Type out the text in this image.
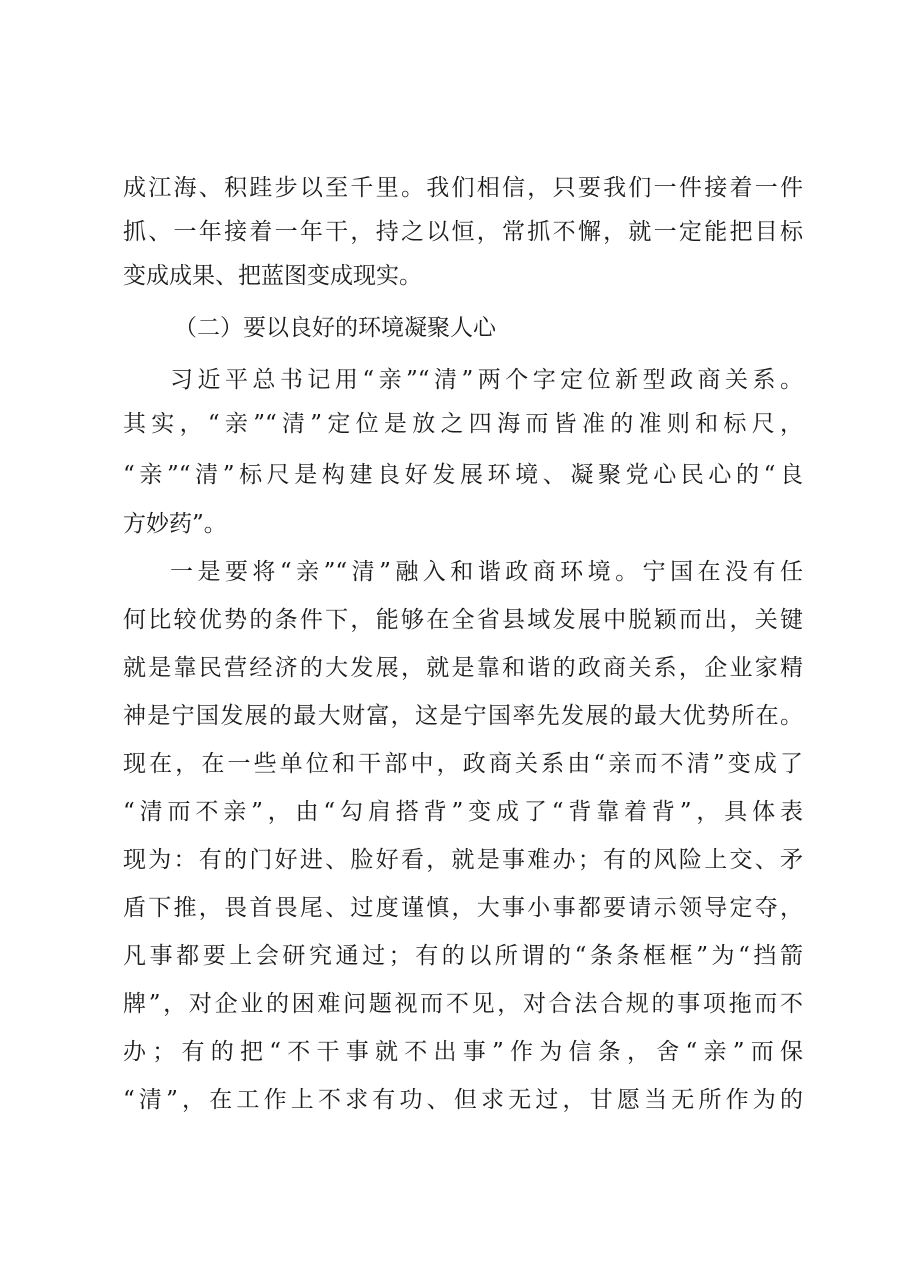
成江海、积跬步以至千里。我们相信，只要我们一件接着一件
抓、一年接着一年干，持之以恒，常抓不懈，就一定能把目标
变成成果、把蓝图变成现实。
（二）要以良好的环境凝聚人心
习近平总书记用“亲”“清”两个字定位新型政商关系。
其实，“亲”“清”定位是放之四海而皆准的准则和标尺，
“亲”“清”标尺是构建良好发展环境、凝聚党心民心的“良
方妙药”。
一是要将“亲”“清”融入和谐政商环境。宁国在没有任
何比较优势的条件下，能够在全省县域发展中脱颖而出，关键
就是靠民营经济的大发展，就是靠和谐的政商关系，企业家精
神是宁国发展的最大财富，这是宁国率先发展的最大优势所在。
现在，在一些单位和干部中，政商关系由“亲而不清”变成了
“清而不亲”，由“勾肩搭背”变成了“背靠着背”，具体表
现为：有的门好进、脸好看，就是事难办；有的风险上交、矛
盾下推，畏首畏尾、过度谨慎，大事小事都要请示领导定夺，
凡事都要上会研究通过；有的以所谓的“条条框框”为“挡箭
牌”，对企业的困难问题视而不见，对合法合规的事项拖而不
办；有的把“不干事就不出事”作为信条，舍“亲”而保
“清”，在工作上不求有功、但求无过，甘愿当无所作为的
